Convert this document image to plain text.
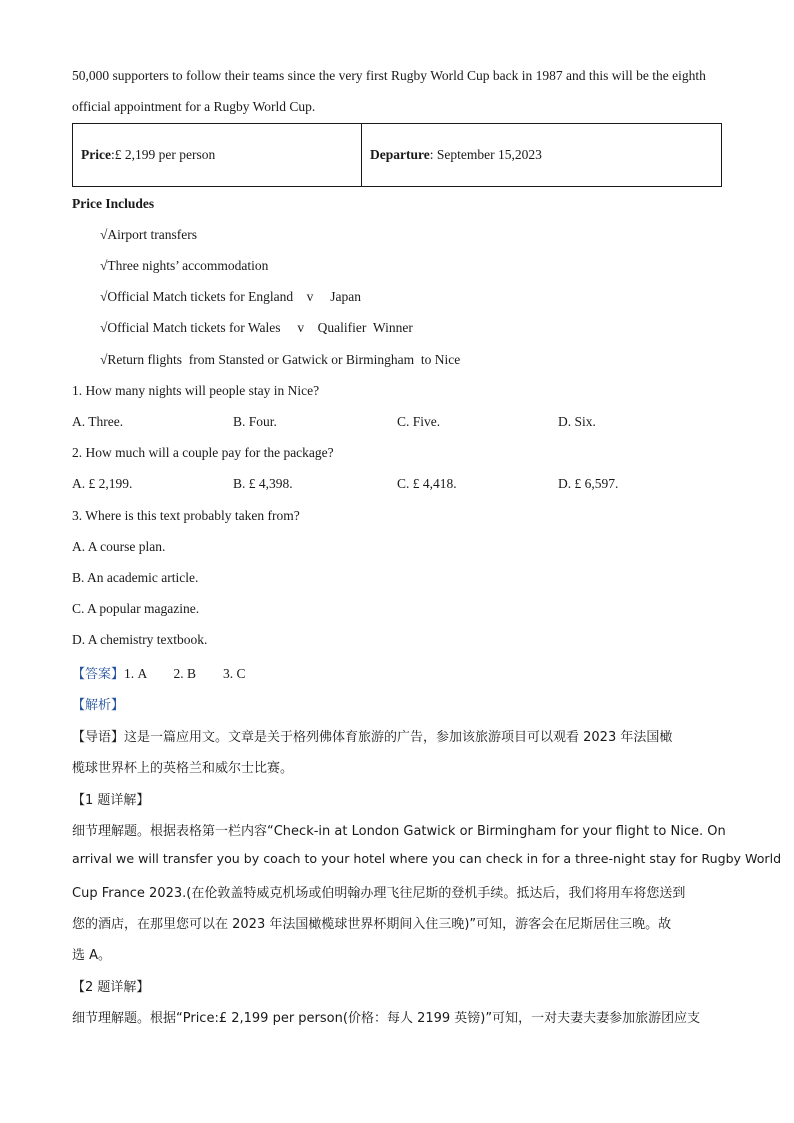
50,000 supporters to follow their teams since the very first Rugby World Cup back in 1987 and this will be the eighth
official appointment for a Rugby World Cup.
Price:£ 2,199 per person	Departure: September 15,2023
Price Includes
√Airport transfers
√Three nights’ accommodation
√Official Match tickets for England    v     Japan
√Official Match tickets for Wales     v    Qualifier  Winner
√Return flights  from Stansted or Gatwick or Birmingham  to Nice
1. How many nights will people stay in Nice?
A. Three.	B. Four.	C. Five.	D. Six.
2. How much will a couple pay for the package?
A. £ 2,199.	B. £ 4,398.	C. £ 4,418.	D. £ 6,597.
3. Where is this text probably taken from?
A. A course plan.
B. An academic article.
C. A popular magazine.
D. A chemistry textbook.
【答案】1. A        2. B        3. C
【解析】
【导语】这是一篇应用文。文章是关于格列佛体育旅游的广告，参加该旅游项目可以观看 2023 年法国橄
榄球世界杯上的英格兰和威尔士比赛。
【1 题详解】
细节理解题。根据表格第一栏内容“Check-in at London Gatwick or Birmingham for your flight to Nice. On
arrival we will transfer you by coach to your hotel where you can check in for a three-night stay for Rugby World
Cup France 2023.(在伦敦盖特威克机场或伯明翰办理飞往尼斯的登机手续。抵达后，我们将用车将您送到
您的酒店，在那里您可以在 2023 年法国橄榄球世界杯期间入住三晚)”可知，游客会在尼斯居住三晚。故
选 A。
【2 题详解】
细节理解题。根据“Price:£ 2,199 per person(价格：每人 2199 英镑)”可知，一对夫妻夫妻参加旅游团应支
